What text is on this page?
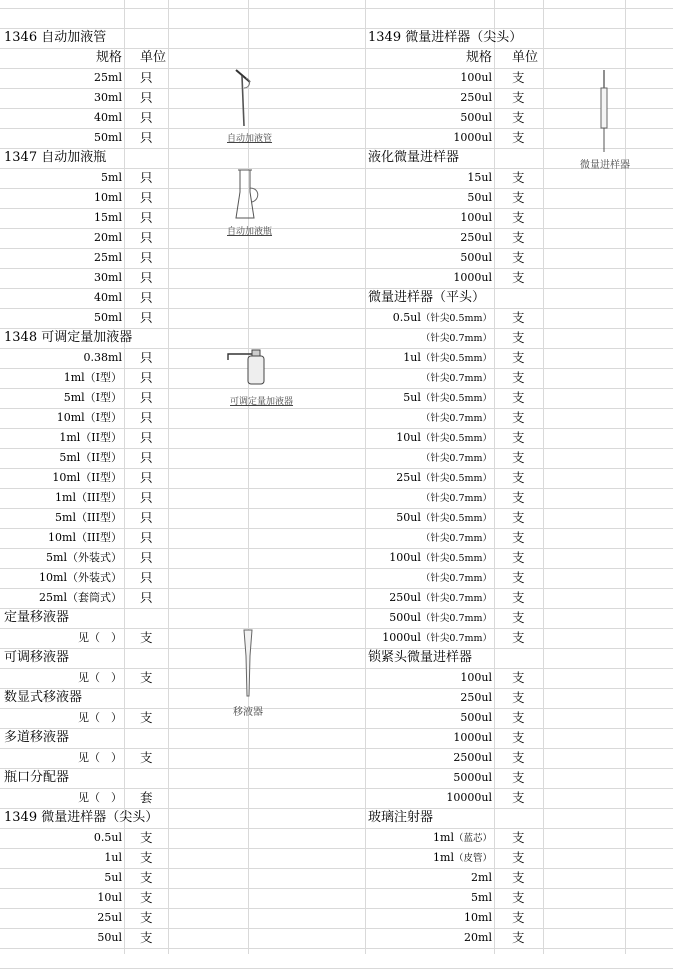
1346 自动加液管
规格 单位
25ml 只
30ml 只
40ml 只
50ml 只
1347 自动加液瓶
5ml 只
10ml 只
15ml 只
20ml 只
25ml 只
30ml 只
40ml 只
50ml 只
1348 可调定量加液器
0.38ml 只
1ml（I型） 只
5ml（I型） 只
10ml（I型） 只
1ml（II型） 只
5ml（II型） 只
10ml（II型） 只
1ml（III型） 只
5ml（III型） 只
10ml（III型） 只
5ml（外装式） 只
10ml（外装式） 只
25ml（套筒式） 只
定量移液器
见（　） 支
可调移液器
见（　） 支
数显式移液器
见（　） 支
多道移液器
见（　） 支
瓶口分配器
见（　） 套
1349 微量进样器（尖头）
0.5ul 支
1ul 支
5ul 支
10ul 支
25ul 支
50ul 支
1349 微量进样器（尖头）
规格 单位
100ul 支
250ul 支
500ul 支
1000ul 支
液化微量进样器
15ul 支
50ul 支
100ul 支
250ul 支
500ul 支
1000ul 支
微量进样器（平头）
0.5ul（针尖0.5mm） 支
（针尖0.7mm） 支
1ul（针尖0.5mm） 支
（针尖0.7mm） 支
5ul（针尖0.5mm） 支
（针尖0.7mm） 支
10ul（针尖0.5mm） 支
（针尖0.7mm） 支
25ul（针尖0.5mm） 支
（针尖0.7mm） 支
50ul（针尖0.5mm） 支
（针尖0.7mm） 支
100ul（针尖0.5mm） 支
（针尖0.7mm） 支
250ul（针尖0.7mm） 支
500ul（针尖0.7mm） 支
1000ul（针尖0.7mm） 支
锁紧头微量进样器
100ul 支
250ul 支
500ul 支
1000ul 支
2500ul 支
5000ul 支
10000ul 支
玻璃注射器
1ml（蓝芯） 支
1ml（皮管） 支
2ml 支
5ml 支
10ml 支
20ml 支
自动加液管
自动加液瓶
可调定量加液器
移液器
微量进样器
